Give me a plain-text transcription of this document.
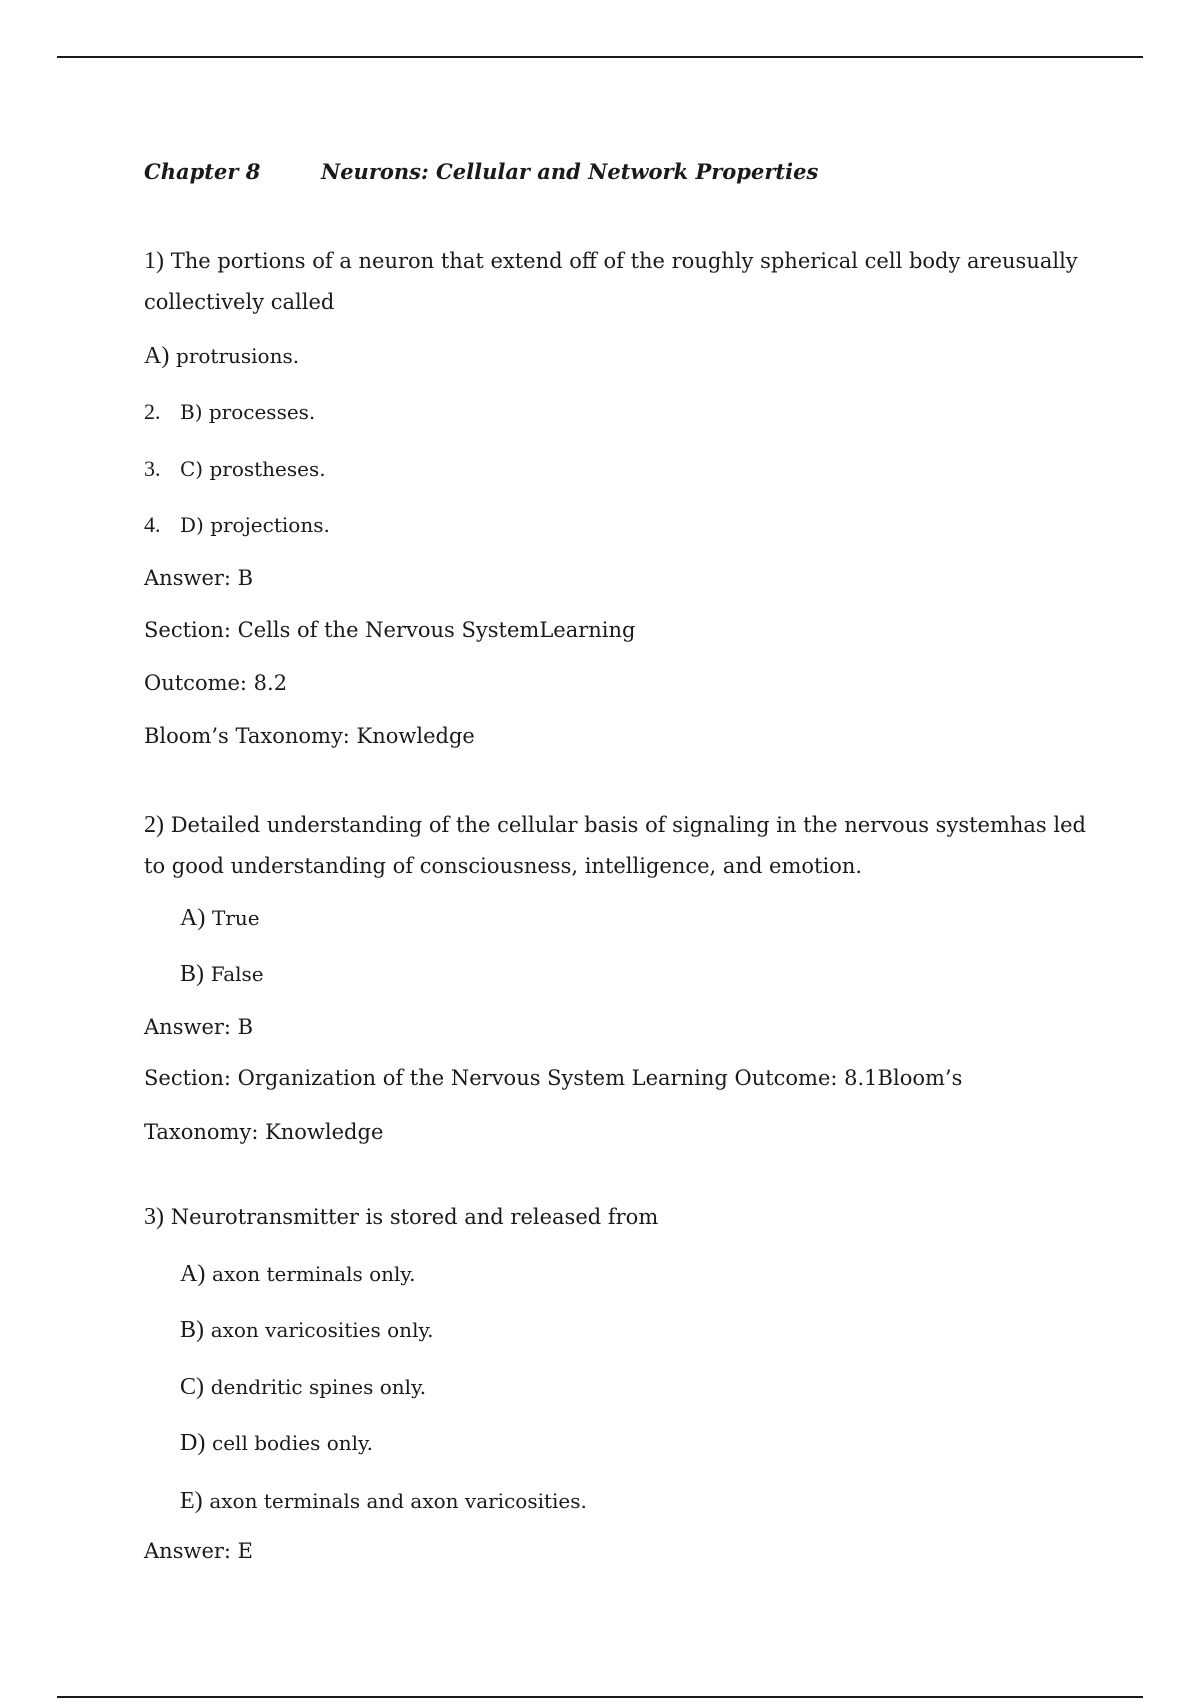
Chapter 8	Neurons: Cellular and Network Properties
1) The portions of a neuron that extend off of the roughly spherical cell body areusually
collectively called
A) protrusions.
2. B) processes.
3. C) prostheses.
4. D) projections.
Answer: B
Section: Cells of the Nervous SystemLearning
Outcome: 8.2
Bloom’s Taxonomy: Knowledge
2) Detailed understanding of the cellular basis of signaling in the nervous systemhas led
to good understanding of consciousness, intelligence, and emotion.
A) True
B) False
Answer: B
Section: Organization of the Nervous System Learning Outcome: 8.1Bloom’s
Taxonomy: Knowledge
3) Neurotransmitter is stored and released from
A) axon terminals only.
B) axon varicosities only.
C) dendritic spines only.
D) cell bodies only.
E) axon terminals and axon varicosities.
Answer: E
